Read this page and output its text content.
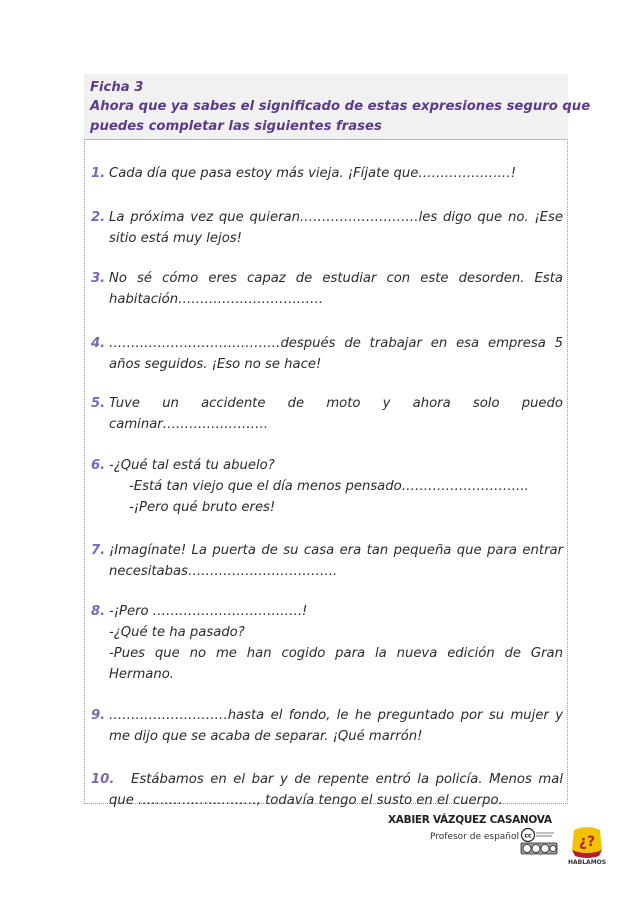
Ficha 3
Ahora que ya sabes el significado de estas expresiones seguro que
puedes completar las siguientes frases
1. Cada día que pasa estoy más vieja. ¡Fíjate que…………………!
2. La próxima vez que quieran………………………les digo que no. ¡Ese
sitio está muy lejos!
3. No sé cómo eres capaz de estudiar con este desorden. Esta
habitación……………………………
4. …………………………………después de trabajar en esa empresa 5
años seguidos. ¡Eso no se hace!
5. Tuve un accidente de moto y ahora solo puedo
caminar……………………
6. -¿Qué tal está tu abuelo?
-Está tan viejo que el día menos pensado………………………..
-¡Pero qué bruto eres!
7. ¡Imagínate! La puerta de su casa era tan pequeña que para entrar
necesitabas…………………………….
8. -¡Pero …………………………….!
-¿Qué te ha pasado?
-Pues que no me han cogido para la nueva edición de Gran
Hermano.
9. ………………………hasta el fondo, le he preguntado por su mujer y
me dijo que se acaba de separar. ¡Qué marrón!
10. Estábamos en el bar y de repente entró la policía. Menos mal
que ………………………, todavía tengo el susto en el cuerpo.
XABIER VÁZQUEZ CASANOVA
Profesor de español cc	¿?
HABLAMOS
